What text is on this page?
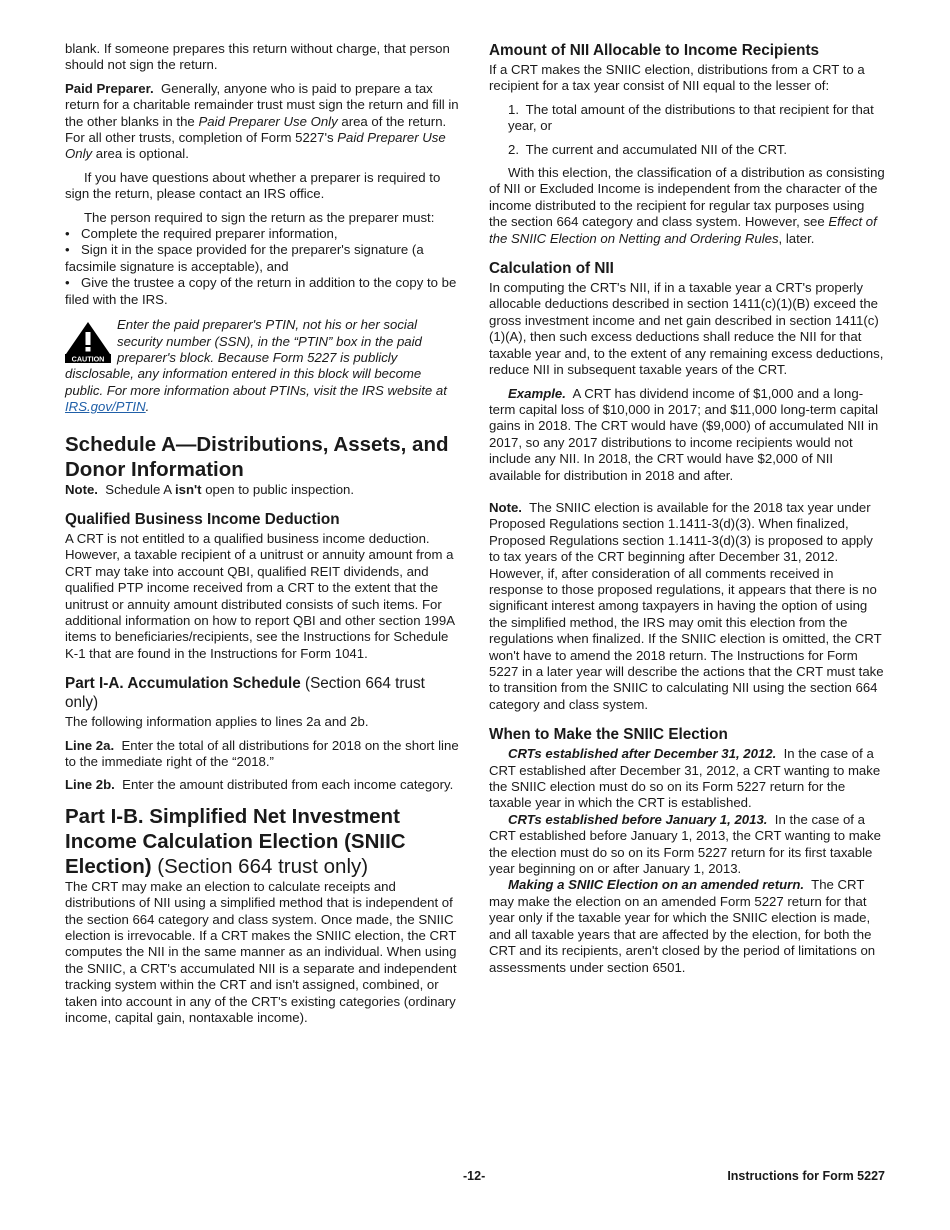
blank. If someone prepares this return without charge, that person should not sign the return.

Paid Preparer. Generally, anyone who is paid to prepare a tax return for a charitable remainder trust must sign the return and fill in the other blanks in the Paid Preparer Use Only area of the return. For all other trusts, completion of Form 5227's Paid Preparer Use Only area is optional.

If you have questions about whether a preparer is required to sign the return, please contact an IRS office.

The person required to sign the return as the preparer must:

• Complete the required preparer information,

• Sign it in the space provided for the preparer's signature (a facsimile signature is acceptable), and

• Give the trustee a copy of the return in addition to the copy to be filed with the IRS.

CAUTION
Enter the paid preparer's PTIN, not his or her social security number (SSN), in the “PTIN” box in the paid preparer's block. Because Form 5227 is publicly
disclosable, any information entered in this block will become public. For more information about PTINs, visit the IRS website at IRS.gov/PTIN.

Schedule A—Distributions, Assets, and Donor Information

Note. Schedule A isn't open to public inspection.

Qualified Business Income Deduction

A CRT is not entitled to a qualified business income deduction. However, a taxable recipient of a unitrust or annuity amount from a CRT may take into account QBI, qualified REIT dividends, and qualified PTP income received from a CRT to the extent that the unitrust or annuity amount distributed consists of such items. For additional information on how to report QBI and other section 199A items to beneficiaries/recipients, see the Instructions for Schedule K-1 that are found in the Instructions for Form 1041.

Part I-A. Accumulation Schedule (Section 664 trust only)

The following information applies to lines 2a and 2b.

Line 2a. Enter the total of all distributions for 2018 on the short line to the immediate right of the “2018.”

Line 2b. Enter the amount distributed from each income category.

Part I-B. Simplified Net Investment Income Calculation Election (SNIIC Election) (Section 664 trust only)

The CRT may make an election to calculate receipts and distributions of NII using a simplified method that is independent of the section 664 category and class system. Once made, the SNIIC election is irrevocable. If a CRT makes the SNIIC election, the CRT computes the NII in the same manner as an individual. When using the SNIIC, a CRT's accumulated NII is a separate and independent tracking system within the CRT and isn't assigned, combined, or taken into account in any of the CRT's existing categories (ordinary income, capital gain, nontaxable income).

Amount of NII Allocable to Income Recipients

If a CRT makes the SNIIC election, distributions from a CRT to a recipient for a tax year consist of NII equal to the lesser of:

1. The total amount of the distributions to that recipient for that year, or

2. The current and accumulated NII of the CRT.

With this election, the classification of a distribution as consisting of NII or Excluded Income is independent from the character of the income distributed to the recipient for regular tax purposes using the section 664 category and class system. However, see Effect of the SNIIC Election on Netting and Ordering Rules, later.

Calculation of NII

In computing the CRT's NII, if in a taxable year a CRT's properly allocable deductions described in section 1411(c)(1)(B) exceed the gross investment income and net gain described in section 1411(c)(1)(A), then such excess deductions shall reduce the NII for that taxable year and, to the extent of any remaining excess deductions, reduce NII in subsequent taxable years of the CRT.

Example. A CRT has dividend income of $1,000 and a long-term capital loss of $10,000 in 2017; and $11,000 long-term capital gains in 2018. The CRT would have ($9,000) of accumulated NII in 2017, so any 2017 distributions to income recipients would not include any NII. In 2018, the CRT would have $2,000 of NII available for distribution in 2018 and after.

Note. The SNIIC election is available for the 2018 tax year under Proposed Regulations section 1.1411-3(d)(3). When finalized, Proposed Regulations section 1.1411-3(d)(3) is proposed to apply to tax years of the CRT beginning after December 31, 2012. However, if, after consideration of all comments received in response to those proposed regulations, it appears that there is no significant interest among taxpayers in having the option of using the simplified method, the IRS may omit this election from the regulations when finalized. If the SNIIC election is omitted, the CRT won't have to amend the 2018 return. The Instructions for Form 5227 in a later year will describe the actions that the CRT must take to transition from the SNIIC to calculating NII using the section 664 category and class system.

When to Make the SNIIC Election

CRTs established after December 31, 2012. In the case of a CRT established after December 31, 2012, a CRT wanting to make the SNIIC election must do so on its Form 5227 return for the taxable year in which the CRT is established.

CRTs established before January 1, 2013. In the case of a CRT established before January 1, 2013, the CRT wanting to make the election must do so on its Form 5227 return for its first taxable year beginning on or after January 1, 2013.

Making a SNIIC Election on an amended return. The CRT may make the election on an amended Form 5227 return for that year only if the taxable year for which the SNIIC election is made, and all taxable years that are affected by the election, for both the CRT and its recipients, aren't closed by the period of limitations on assessments under section 6501.

-12-	Instructions for Form 5227
